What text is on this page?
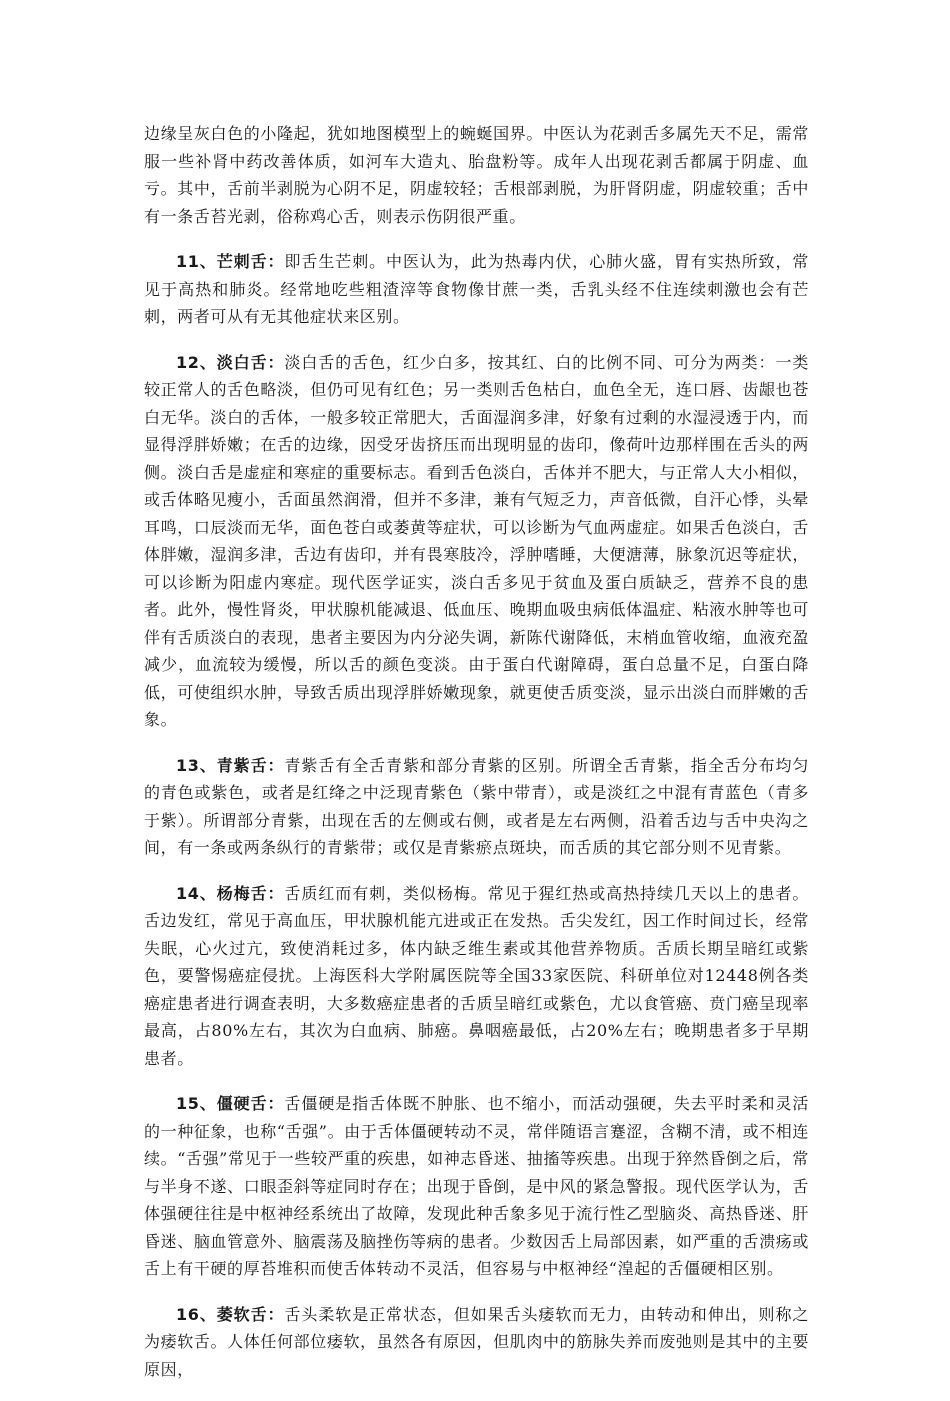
边缘呈灰白色的小隆起，犹如地图模型上的蜿蜒国界。中医认为花剥舌多属先天不足，需常服一些补肾中药改善体质，如河车大造丸、胎盘粉等。成年人出现花剥舌都属于阴虚、血亏。其中，舌前半剥脱为心阴不足，阴虚较轻；舌根部剥脱，为肝肾阴虚，阴虚较重；舌中有一条舌苔光剥，俗称鸡心舌，则表示伤阴很严重。

11、芒刺舌：即舌生芒刺。中医认为，此为热毒内伏，心肺火盛，胃有实热所致，常见于高热和肺炎。经常地吃些粗渣滓等食物像甘蔗一类，舌乳头经不住连续刺激也会有芒刺，两者可从有无其他症状来区别。

12、淡白舌：淡白舌的舌色，红少白多，按其红、白的比例不同、可分为两类：一类较正常人的舌色略淡，但仍可见有红色；另一类则舌色枯白，血色全无，连口唇、齿龈也苍白无华。淡白的舌体，一般多较正常肥大，舌面湿润多津，好象有过剩的水湿浸透于内，而显得浮胖娇嫩；在舌的边缘，因受牙齿挤压而出现明显的齿印，像荷叶边那样围在舌头的两侧。淡白舌是虚症和寒症的重要标志。看到舌色淡白，舌体并不肥大，与正常人大小相似，或舌体略见瘦小，舌面虽然润滑，但并不多津，兼有气短乏力，声音低微，自汗心悸，头晕耳鸣，口辰淡而无华，面色苍白或萎黄等症状，可以诊断为气血两虚症。如果舌色淡白，舌体胖嫩，湿润多津，舌边有齿印，并有畏寒肢冷，浮肿嗜睡，大便溏薄，脉象沉迟等症状，可以诊断为阳虚内寒症。现代医学证实，淡白舌多见于贫血及蛋白质缺乏，营养不良的患者。此外，慢性肾炎，甲状腺机能减退、低血压、晚期血吸虫病低体温症、粘液水肿等也可伴有舌质淡白的表现，患者主要因为内分泌失调，新陈代谢降低，末梢血管收缩，血液充盈减少，血流较为缓慢，所以舌的颜色变淡。由于蛋白代谢障碍，蛋白总量不足，白蛋白降低，可使组织水肿，导致舌质出现浮胖娇嫩现象，就更使舌质变淡，显示出淡白而胖嫩的舌象。

13、青紫舌：青紫舌有全舌青紫和部分青紫的区别。所谓全舌青紫，指全舌分布均匀的青色或紫色，或者是红绛之中泛现青紫色（紫中带青），或是淡红之中混有青蓝色（青多于紫）。所谓部分青紫，出现在舌的左侧或右侧，或者是左右两侧，沿着舌边与舌中央沟之间，有一条或两条纵行的青紫带；或仅是青紫瘀点斑块，而舌质的其它部分则不见青紫。

14、杨梅舌：舌质红而有刺，类似杨梅。常见于猩红热或高热持续几天以上的患者。舌边发红，常见于高血压，甲状腺机能亢进或正在发热。舌尖发红，因工作时间过长，经常失眠，心火过亢，致使消耗过多，体内缺乏维生素或其他营养物质。舌质长期呈暗红或紫色，要警惕癌症侵扰。上海医科大学附属医院等全国33家医院、科研单位对12448例各类癌症患者进行调查表明，大多数癌症患者的舌质呈暗红或紫色，尤以食管癌、贲门癌呈现率最高，占80%左右，其次为白血病、肺癌。鼻咽癌最低，占20%左右；晚期患者多于早期患者。

15、僵硬舌：舌僵硬是指舌体既不肿胀、也不缩小，而活动强硬，失去平时柔和灵活的一种征象，也称“舌强”。由于舌体僵硬转动不灵，常伴随语言蹇涩，含糊不清，或不相连续。“舌强”常见于一些较严重的疾患，如神志昏迷、抽搐等疾患。出现于猝然昏倒之后，常与半身不遂、口眼歪斜等症同时存在；出现于昏倒，是中风的紧急警报。现代医学认为，舌体强硬往往是中枢神经系统出了故障，发现此种舌象多见于流行性乙型脑炎、高热昏迷、肝昏迷、脑血管意外、脑震荡及脑挫伤等病的患者。少数因舌上局部因素，如严重的舌溃疡或舌上有干硬的厚苔堆积而使舌体转动不灵活，但容易与中枢神经“湟起的舌僵硬相区别。

16、萎软舌：舌头柔软是正常状态，但如果舌头痿软而无力，由转动和伸出，则称之为痿软舌。人体任何部位痿软，虽然各有原因，但肌肉中的筋脉失养而废弛则是其中的主要原因，
